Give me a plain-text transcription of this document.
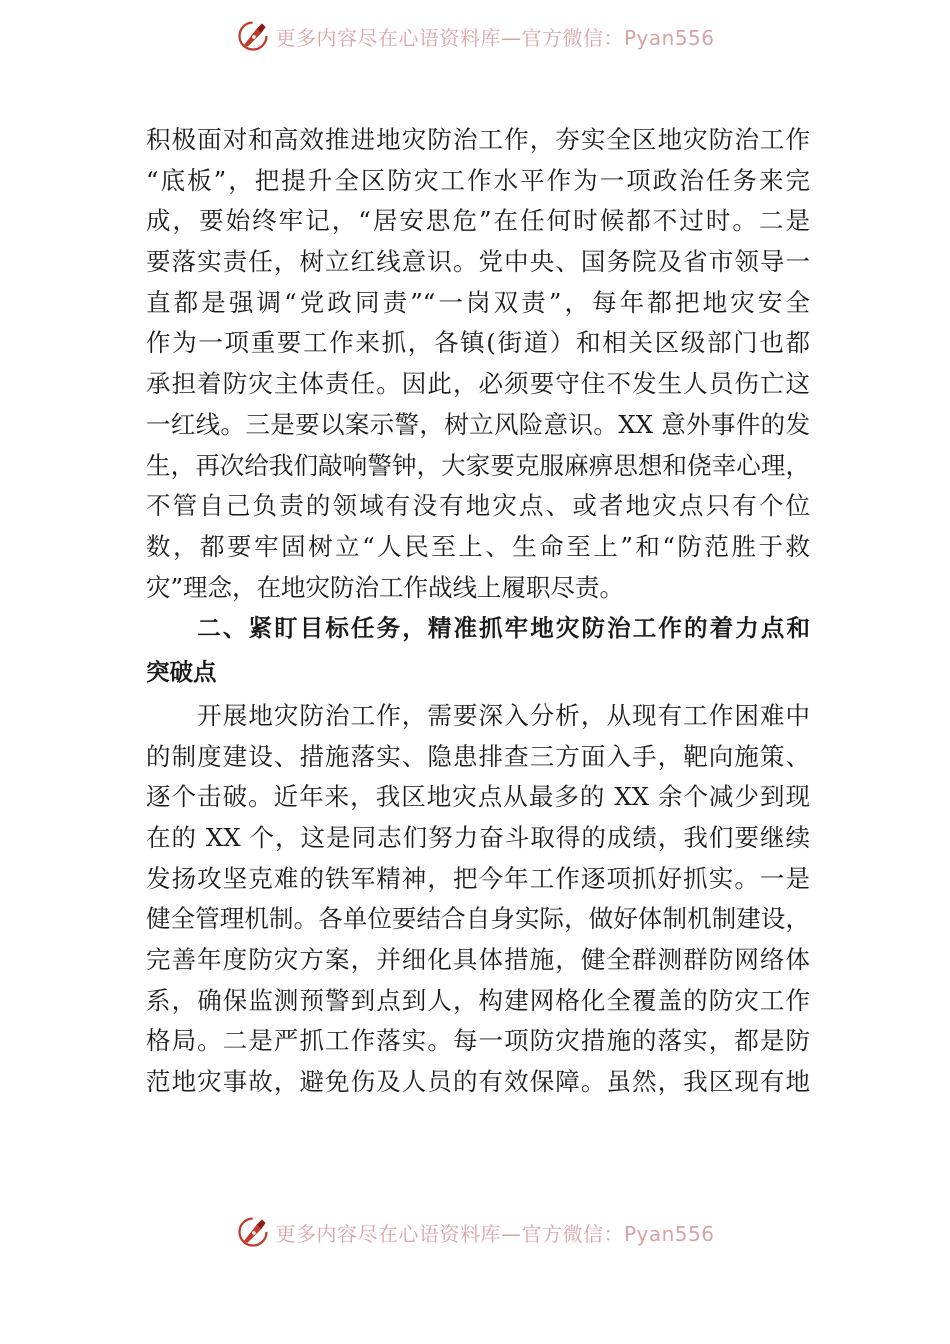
更多内容尽在心语资料库—官方微信：Pyan556
积极面对和高效推进地灾防治工作，夯实全区地灾防治工作
“底板”，把提升全区防灾工作水平作为一项政治任务来完
成，要始终牢记，“居安思危”在任何时候都不过时。二是
要落实责任，树立红线意识。党中央、国务院及省市领导一
直都是强调“党政同责”“一岗双责”，每年都把地灾安全
作为一项重要工作来抓，各镇(街道）和相关区级部门也都
承担着防灾主体责任。因此，必须要守住不发生人员伤亡这
一红线。三是要以案示警，树立风险意识。XX 意外事件的发
生，再次给我们敲响警钟，大家要克服麻痹思想和侥幸心理，
不管自己负责的领域有没有地灾点、或者地灾点只有个位
数，都要牢固树立“人民至上、生命至上”和“防范胜于救
灾”理念，在地灾防治工作战线上履职尽责。
　　二、紧盯目标任务，精准抓牢地灾防治工作的着力点和
突破点
　　开展地灾防治工作，需要深入分析，从现有工作困难中
的制度建设、措施落实、隐患排查三方面入手，靶向施策、
逐个击破。近年来，我区地灾点从最多的 XX 余个减少到现
在的 XX 个，这是同志们努力奋斗取得的成绩，我们要继续
发扬攻坚克难的铁军精神，把今年工作逐项抓好抓实。一是
健全管理机制。各单位要结合自身实际，做好体制机制建设，
完善年度防灾方案，并细化具体措施，健全群测群防网络体
系，确保监测预警到点到人，构建网格化全覆盖的防灾工作
格局。二是严抓工作落实。每一项防灾措施的落实，都是防
范地灾事故，避免伤及人员的有效保障。虽然，我区现有地
更多内容尽在心语资料库—官方微信：Pyan556
